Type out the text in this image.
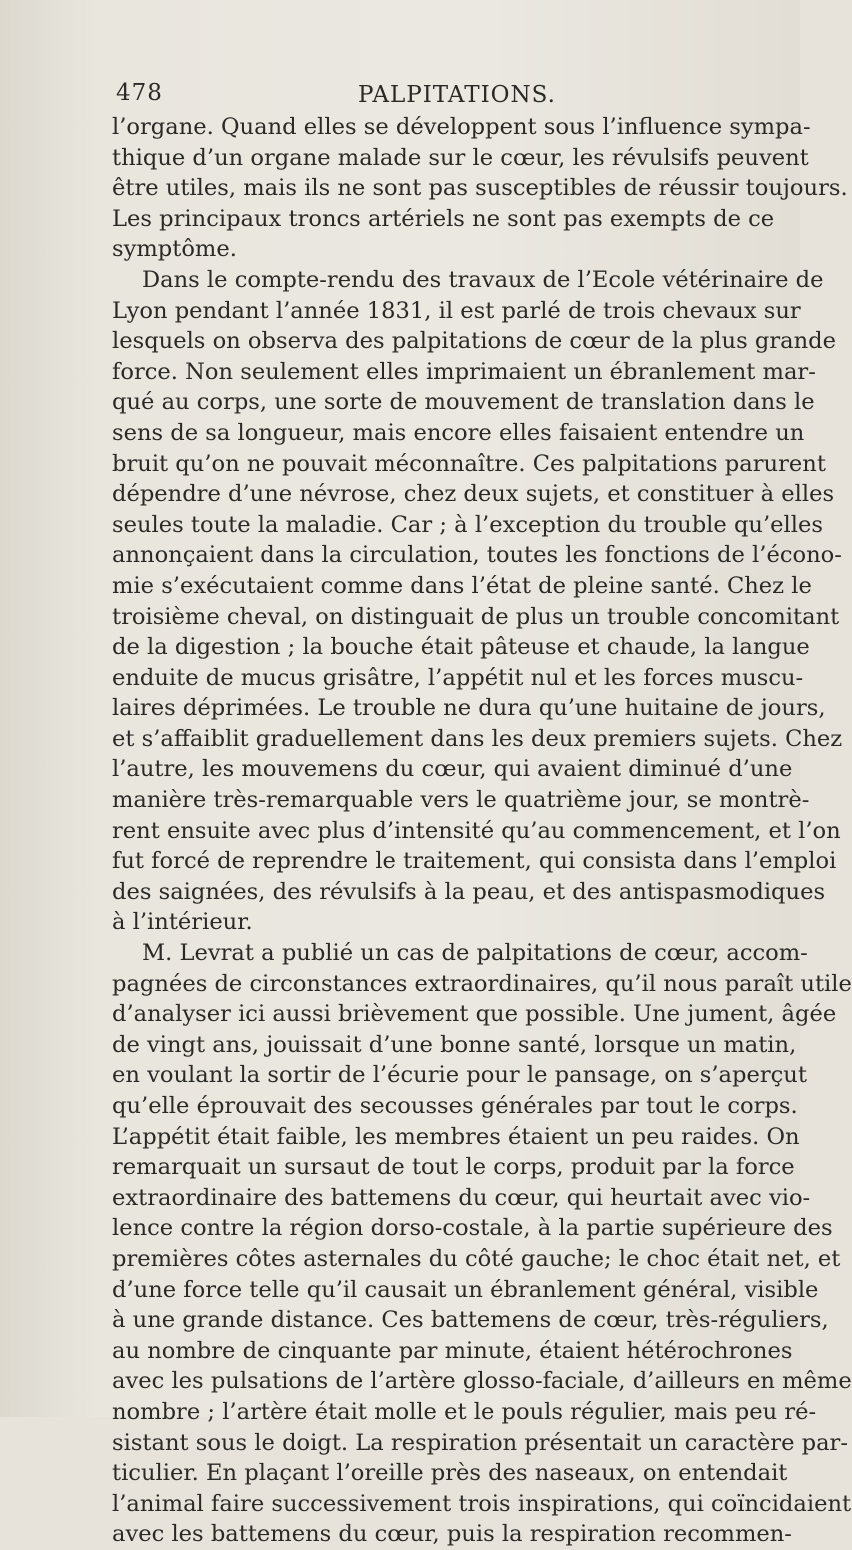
478	PALPITATIONS.
l’organe. Quand elles se développent sous l’influence sympa-
thique d’un organe malade sur le cœur, les révulsifs peuvent
être utiles, mais ils ne sont pas susceptibles de réussir toujours.
Les principaux troncs artériels ne sont pas exempts de ce
symptôme.
Dans le compte-rendu des travaux de l’Ecole vétérinaire de
Lyon pendant l’année 1831, il est parlé de trois chevaux sur
lesquels on observa des palpitations de cœur de la plus grande
force. Non seulement elles imprimaient un ébranlement mar-
qué au corps, une sorte de mouvement de translation dans le
sens de sa longueur, mais encore elles faisaient entendre un
bruit qu’on ne pouvait méconnaître. Ces palpitations parurent
dépendre d’une névrose, chez deux sujets, et constituer à elles
seules toute la maladie. Car ; à l’exception du trouble qu’elles
annonçaient dans la circulation, toutes les fonctions de l’écono-
mie s’exécutaient comme dans l’état de pleine santé. Chez le
troisième cheval, on distinguait de plus un trouble concomitant
de la digestion ; la bouche était pâteuse et chaude, la langue
enduite de mucus grisâtre, l’appétit nul et les forces muscu-
laires déprimées. Le trouble ne dura qu’une huitaine de jours,
et s’affaiblit graduellement dans les deux premiers sujets. Chez
l’autre, les mouvemens du cœur, qui avaient diminué d’une
manière très-remarquable vers le quatrième jour, se montrè-
rent ensuite avec plus d’intensité qu’au commencement, et l’on
fut forcé de reprendre le traitement, qui consista dans l’emploi
des saignées, des révulsifs à la peau, et des antispasmodiques
à l’intérieur.
M. Levrat a publié un cas de palpitations de cœur, accom-
pagnées de circonstances extraordinaires, qu’il nous paraît utile
d’analyser ici aussi brièvement que possible. Une jument, âgée
de vingt ans, jouissait d’une bonne santé, lorsque un matin,
en voulant la sortir de l’écurie pour le pansage, on s’aperçut
qu’elle éprouvait des secousses générales par tout le corps.
L’appétit était faible, les membres étaient un peu raides. On
remarquait un sursaut de tout le corps, produit par la force
extraordinaire des battemens du cœur, qui heurtait avec vio-
lence contre la région dorso-costale, à la partie supérieure des
premières côtes asternales du côté gauche; le choc était net, et
d’une force telle qu’il causait un ébranlement général, visible
à une grande distance. Ces battemens de cœur, très-réguliers,
au nombre de cinquante par minute, étaient hétérochrones
avec les pulsations de l’artère glosso-faciale, d’ailleurs en même
nombre ; l’artère était molle et le pouls régulier, mais peu ré-
sistant sous le doigt. La respiration présentait un caractère par-
ticulier. En plaçant l’oreille près des naseaux, on entendait
l’animal faire successivement trois inspirations, qui coïncidaient
avec les battemens du cœur, puis la respiration recommen-
